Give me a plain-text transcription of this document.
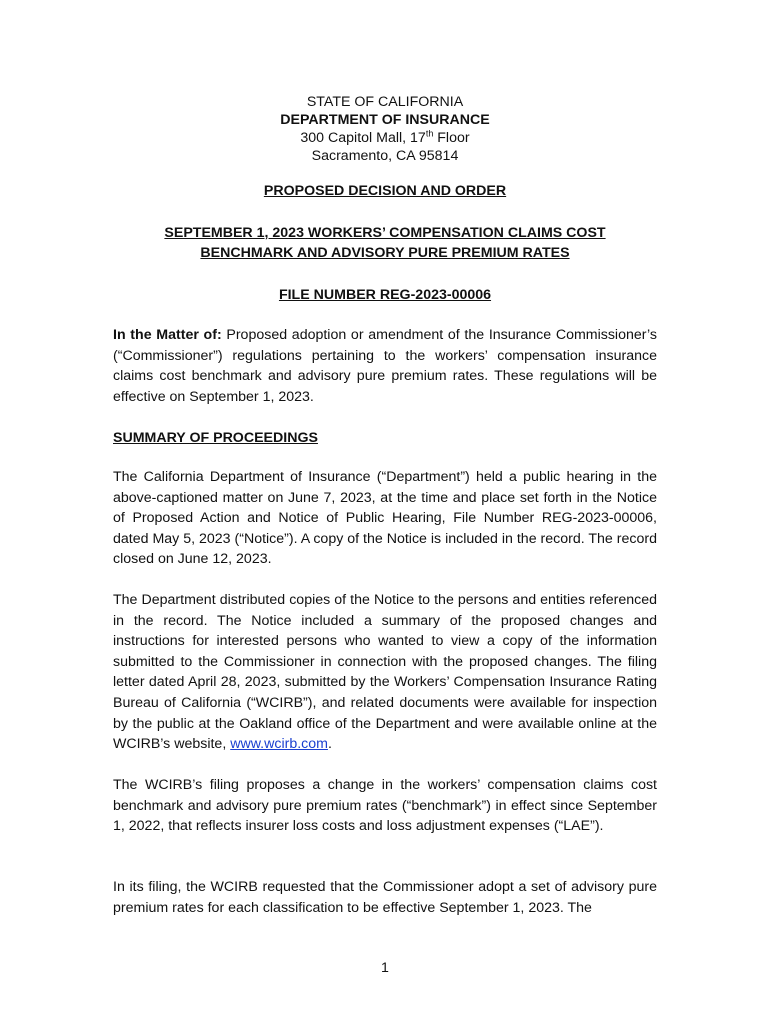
STATE OF CALIFORNIA
DEPARTMENT OF INSURANCE
300 Capitol Mall, 17th Floor
Sacramento, CA 95814
PROPOSED DECISION AND ORDER
SEPTEMBER 1, 2023 WORKERS’ COMPENSATION CLAIMS COST
BENCHMARK AND ADVISORY PURE PREMIUM RATES
FILE NUMBER REG-2023-00006
In the Matter of: Proposed adoption or amendment of the Insurance Commissioner’s (“Commissioner”) regulations pertaining to the workers’ compensation insurance claims cost benchmark and advisory pure premium rates. These regulations will be effective on September 1, 2023.
SUMMARY OF PROCEEDINGS
The California Department of Insurance (“Department”) held a public hearing in the above-captioned matter on June 7, 2023, at the time and place set forth in the Notice of Proposed Action and Notice of Public Hearing, File Number REG-2023-00006, dated May 5, 2023 (“Notice”). A copy of the Notice is included in the record. The record closed on June 12, 2023.
The Department distributed copies of the Notice to the persons and entities referenced in the record. The Notice included a summary of the proposed changes and instructions for interested persons who wanted to view a copy of the information submitted to the Commissioner in connection with the proposed changes. The filing letter dated April 28, 2023, submitted by the Workers’ Compensation Insurance Rating Bureau of California (“WCIRB”), and related documents were available for inspection by the public at the Oakland office of the Department and were available online at the WCIRB’s website, www.wcirb.com.
The WCIRB’s filing proposes a change in the workers’ compensation claims cost benchmark and advisory pure premium rates (“benchmark”) in effect since September 1, 2022, that reflects insurer loss costs and loss adjustment expenses (“LAE”).
In its filing, the WCIRB requested that the Commissioner adopt a set of advisory pure premium rates for each classification to be effective September 1, 2023. The
1
